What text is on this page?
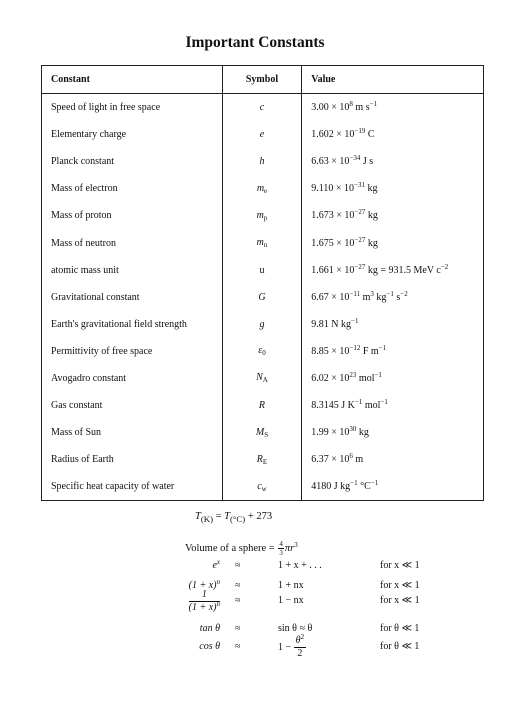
Important Constants
Constant	Symbol	Value
Speed of light in free space	c	$3.00 \times 10^8$ m $s^{-1}$
Elementary charge	e	$1.602 \times 10^{-19}$ C
Planck constant	h	$6.63 \times 10^{-34}$ J s
Mass of electron	$m_e$	$9.110 \times 10^{-31}$ kg
Mass of proton	$m_p$	$1.673 \times 10^{-27}$ kg
Mass of neutron	$m_n$	$1.675 \times 10^{-27}$ kg
atomic mass unit	u	$1.661 \times 10^{-27}$ kg = 931.5 MeV $c^{-2}$
Gravitational constant	G	$6.67 \times 10^{-11}$ $m^3$ $kg^{-1}$ $s^{-2}$
Earth's gravitational field strength	g	9.81 N $kg^{-1}$
Permittivity of free space	$\varepsilon_0$	$8.85 \times 10^{-12}$ F $m^{-1}$
Avogadro constant	$N_A$	$6.02 \times 10^{23}$ mol$^{-1}$
Gas constant	R	8.3145 J $K^{-1}$ mol$^{-1}$
Mass of Sun	$M_S$	$1.99 \times 10^{30}$ kg
Radius of Earth	$R_E$	$6.37 \times 10^6$ m
Specific heat capacity of water	$c_w$	4180 J $kg^{-1}$ $^\circ C^{-1}$
$T_{(K)} = T_{(^\circ C)} + 273$
Volume of a sphere = $\frac{4}{3} \pi r^3$
$e^x$ ≈	1 + x + . . .	for x ≪ 1
$(1 + x)^n$ ≈	1 + nx	for x ≪ 1
$\frac{1}{(1 + x)^n}$ ≈	1 − nx	for x ≪ 1
tan θ ≈	sin θ ≈ θ	for θ ≪ 1
cos θ ≈	$1 - \frac{\theta^2}{2}$	for θ ≪ 1
